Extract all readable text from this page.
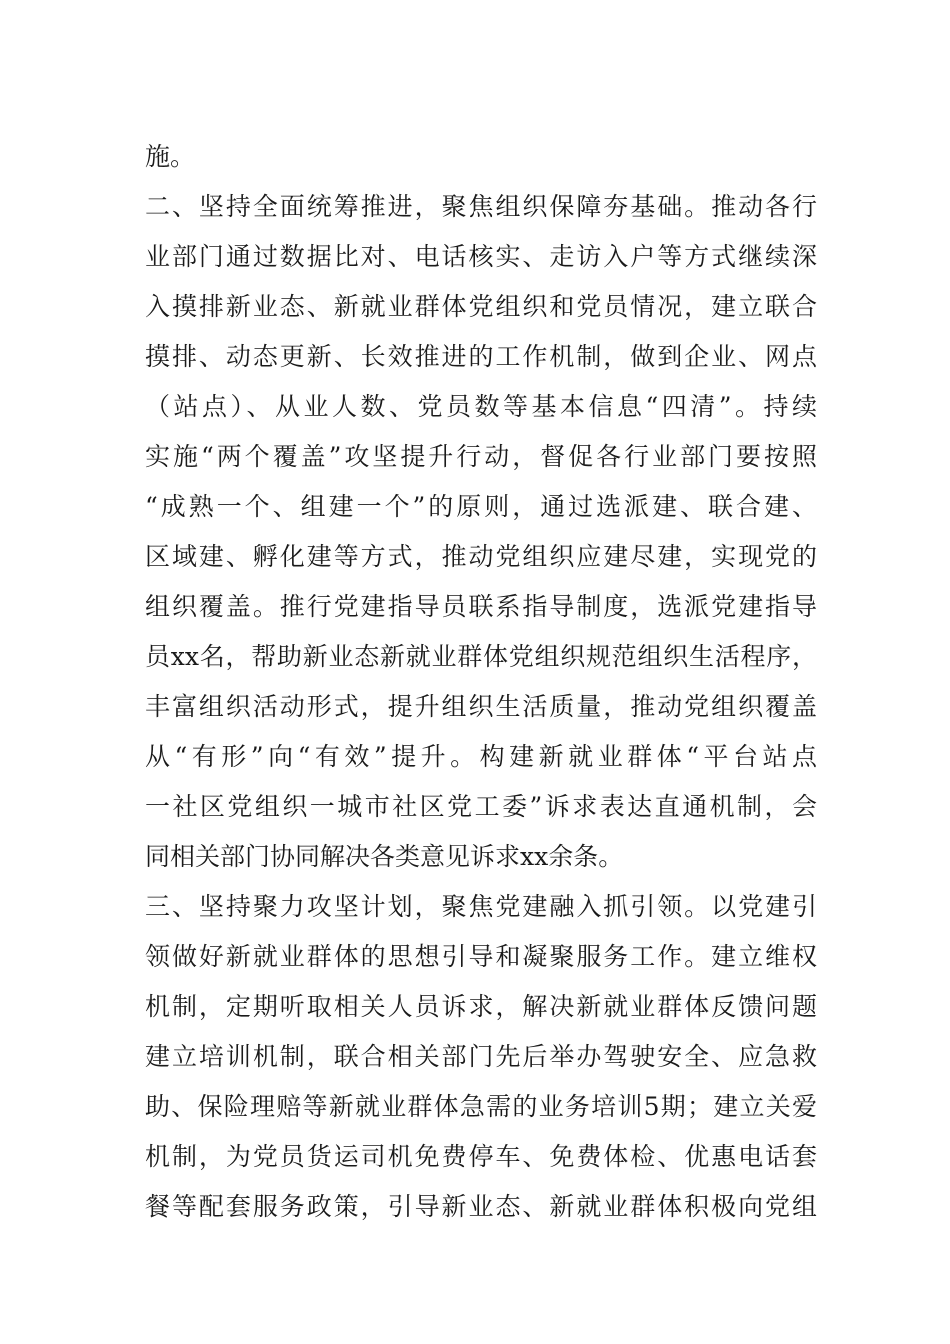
施。
二、坚持全面统筹推进，聚焦组织保障夯基础。推动各行
业部门通过数据比对、电话核实、走访入户等方式继续深
入摸排新业态、新就业群体党组织和党员情况，建立联合
摸排、动态更新、长效推进的工作机制，做到企业、网点
（站点）、从业人数、党员数等基本信息“四清”。持续
实施“两个覆盖”攻坚提升行动，督促各行业部门要按照
“成熟一个、组建一个”的原则，通过选派建、联合建、
区域建、孵化建等方式，推动党组织应建尽建，实现党的
组织覆盖。推行党建指导员联系指导制度，选派党建指导
员xx名，帮助新业态新就业群体党组织规范组织生活程序，
丰富组织活动形式，提升组织生活质量，推动党组织覆盖
从“有形”向“有效”提升。构建新就业群体“平台站点
一社区党组织一城市社区党工委”诉求表达直通机制，会
同相关部门协同解决各类意见诉求xx余条。
三、坚持聚力攻坚计划，聚焦党建融入抓引领。以党建引
领做好新就业群体的思想引导和凝聚服务工作。建立维权
机制，定期听取相关人员诉求，解决新就业群体反馈问题
建立培训机制，联合相关部门先后举办驾驶安全、应急救
助、保险理赔等新就业群体急需的业务培训5期；建立关爱
机制，为党员货运司机免费停车、免费体检、优惠电话套
餐等配套服务政策，引导新业态、新就业群体积极向党组
